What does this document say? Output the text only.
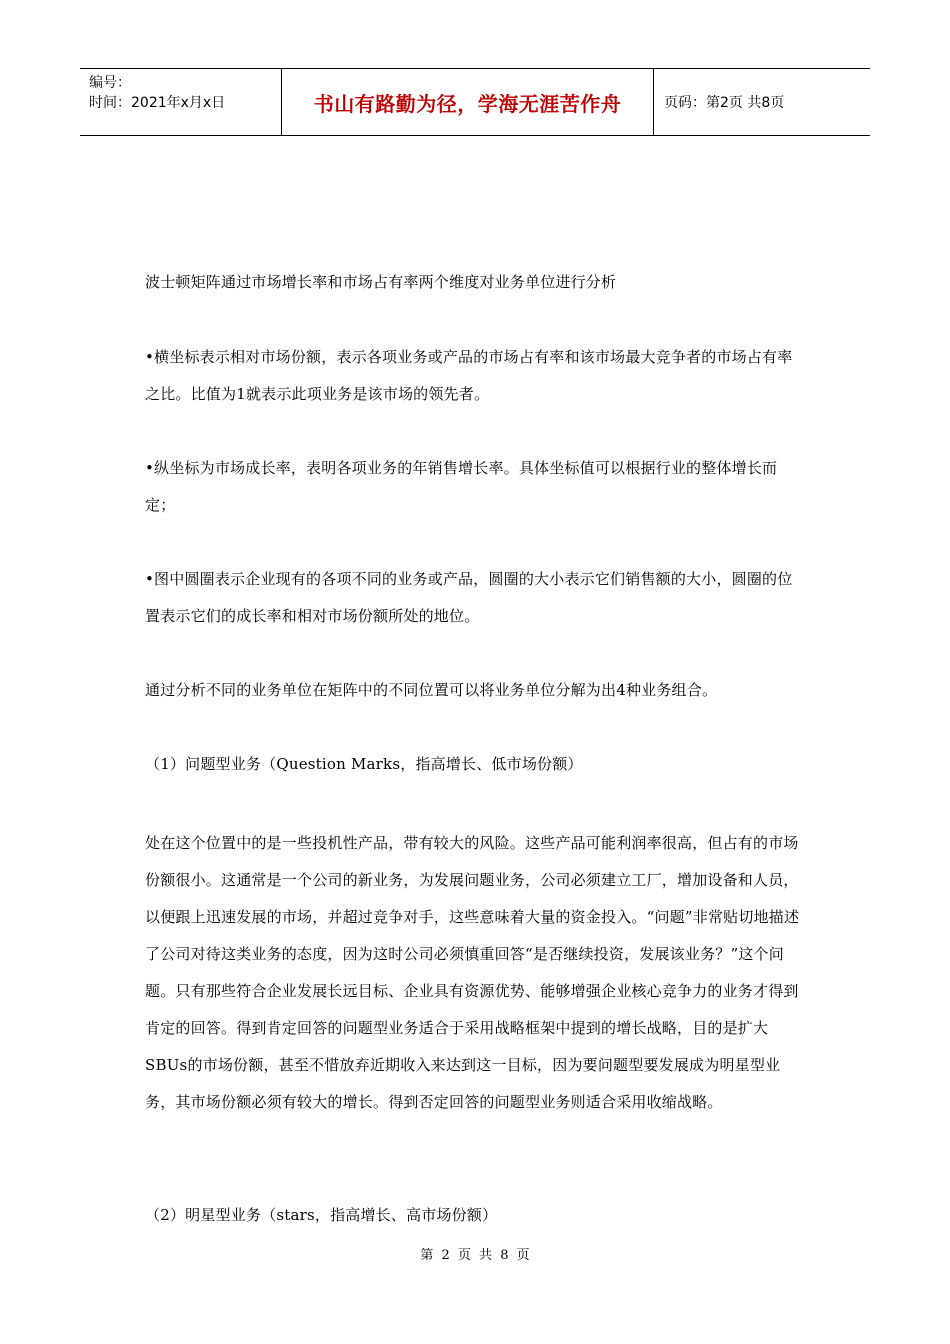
编号：
时间：2021年x月x日	书山有路勤为径，学海无涯苦作舟	页码：第2页 共8页

波士顿矩阵通过市场增长率和市场占有率两个维度对业务单位进行分析

•横坐标表示相对市场份额，表示各项业务或产品的市场占有率和该市场最大竞争者的市场占有率之比。比值为1就表示此项业务是该市场的领先者。

•纵坐标为市场成长率，表明各项业务的年销售增长率。具体坐标值可以根据行业的整体增长而定；

•图中圆圈表示企业现有的各项不同的业务或产品，圆圈的大小表示它们销售额的大小，圆圈的位置表示它们的成长率和相对市场份额所处的地位。

通过分析不同的业务单位在矩阵中的不同位置可以将业务单位分解为出4种业务组合。

（1）问题型业务（Question Marks，指高增长、低市场份额）

处在这个位置中的是一些投机性产品，带有较大的风险。这些产品可能利润率很高，但占有的市场份额很小。这通常是一个公司的新业务，为发展问题业务，公司必须建立工厂，增加设备和人员，以便跟上迅速发展的市场，并超过竞争对手，这些意味着大量的资金投入。“问题”非常贴切地描述了公司对待这类业务的态度，因为这时公司必须慎重回答“是否继续投资，发展该业务？”这个问题。只有那些符合企业发展长远目标、企业具有资源优势、能够增强企业核心竞争力的业务才得到肯定的回答。得到肯定回答的问题型业务适合于采用战略框架中提到的增长战略，目的是扩大SBUs的市场份额，甚至不惜放弃近期收入来达到这一目标，因为要问题型要发展成为明星型业务，其市场份额必须有较大的增长。得到否定回答的问题型业务则适合采用收缩战略。

（2）明星型业务（stars，指高增长、高市场份额）

第 2 页 共 8 页
